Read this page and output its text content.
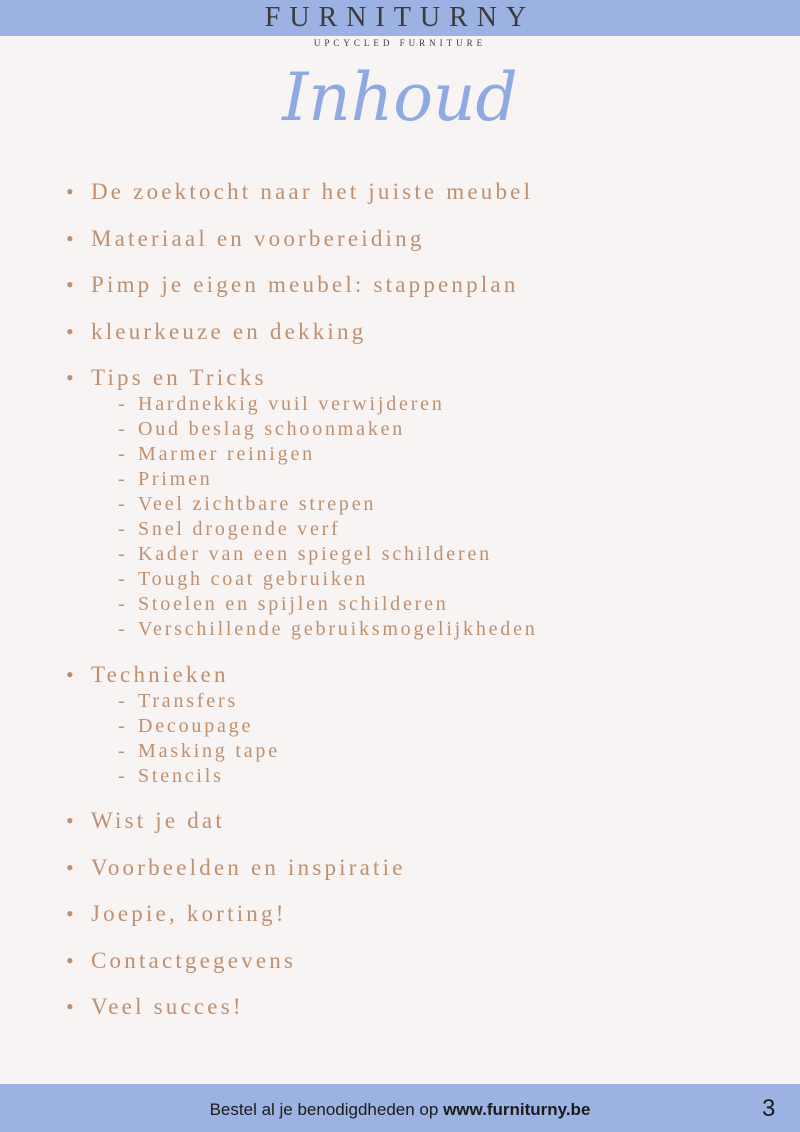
FURNITURNY
UPCYCLED FURNITURE
Inhoud
• De zoektocht naar het juiste meubel
• Materiaal en voorbereiding
• Pimp je eigen meubel: stappenplan
• kleurkeuze en dekking
• Tips en Tricks
- Hardnekkig vuil verwijderen
- Oud beslag schoonmaken
- Marmer reinigen
- Primen
- Veel zichtbare strepen
- Snel drogende verf
- Kader van een spiegel schilderen
- Tough coat gebruiken
- Stoelen en spijlen schilderen
- Verschillende gebruiksmogelijkheden
• Technieken
- Transfers
- Decoupage
- Masking tape
- Stencils
• Wist je dat
• Voorbeelden en inspiratie
• Joepie, korting!
• Contactgegevens
• Veel succes!
Bestel al je benodigdheden op www.furniturny.be	3
